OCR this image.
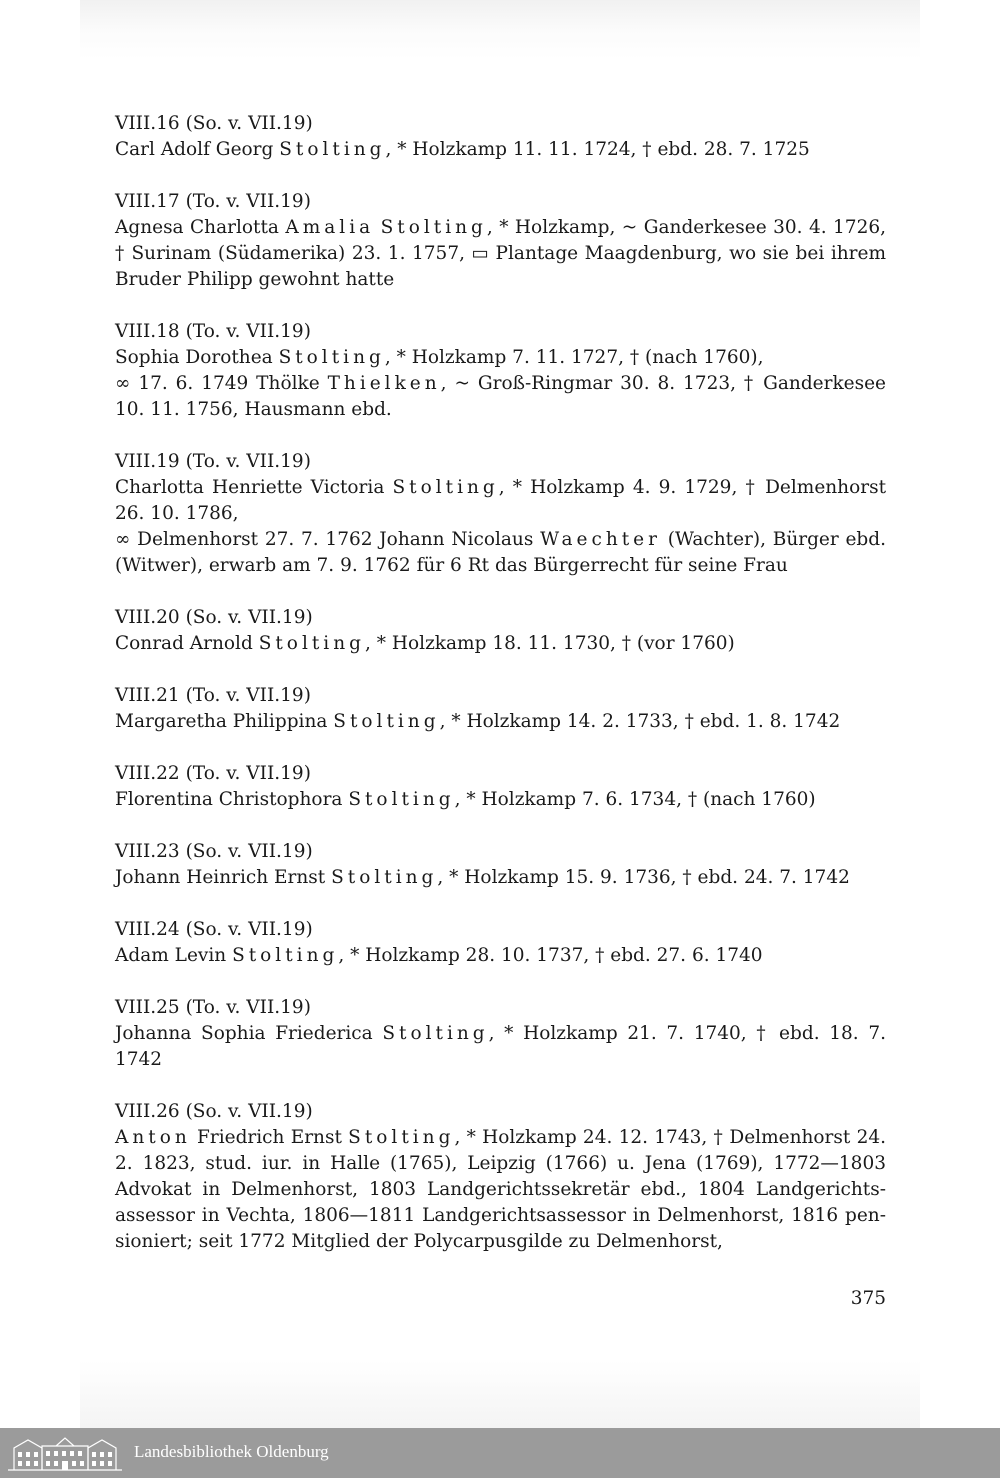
VIII.16 (So. v. VII.19)
Carl Adolf Georg Stolting, * Holzkamp 11. 11. 1724, † ebd. 28. 7. 1725
VIII.17 (To. v. VII.19)
Agnesa Charlotta Amalia Stolting, * Holzkamp, ~ Ganderkesee 30. 4. 1726, † Surinam (Südamerika) 23. 1. 1757, ▭ Plantage Maagdenburg, wo sie bei ihrem Bruder Philipp gewohnt hatte
VIII.18 (To. v. VII.19)
Sophia Dorothea Stolting, * Holzkamp 7. 11. 1727, † (nach 1760),
∞ 17. 6. 1749 Thölke Thielken, ~ Groß-Ringmar 30. 8. 1723, † Ganderkesee 10. 11. 1756, Hausmann ebd.
VIII.19 (To. v. VII.19)
Charlotta Henriette Victoria Stolting, * Holzkamp 4. 9. 1729, † Delmenhorst 26. 10. 1786,
∞ Delmenhorst 27. 7. 1762 Johann Nicolaus Waechter (Wachter), Bürger ebd. (Witwer), erwarb am 7. 9. 1762 für 6 Rt das Bürgerrecht für seine Frau
VIII.20 (So. v. VII.19)
Conrad Arnold Stolting, * Holzkamp 18. 11. 1730, † (vor 1760)
VIII.21 (To. v. VII.19)
Margaretha Philippina Stolting, * Holzkamp 14. 2. 1733, † ebd. 1. 8. 1742
VIII.22 (To. v. VII.19)
Florentina Christophora Stolting, * Holzkamp 7. 6. 1734, † (nach 1760)
VIII.23 (So. v. VII.19)
Johann Heinrich Ernst Stolting, * Holzkamp 15. 9. 1736, † ebd. 24. 7. 1742
VIII.24 (So. v. VII.19)
Adam Levin Stolting, * Holzkamp 28. 10. 1737, † ebd. 27. 6. 1740
VIII.25 (To. v. VII.19)
Johanna Sophia Friederica Stolting, * Holzkamp 21. 7. 1740, † ebd. 18. 7. 1742
VIII.26 (So. v. VII.19)
Anton Friedrich Ernst Stolting, * Holzkamp 24. 12. 1743, † Delmenhorst 24. 2. 1823, stud. iur. in Halle (1765), Leipzig (1766) u. Jena (1769), 1772—1803 Advokat in Delmenhorst, 1803 Landgerichtssekretär ebd., 1804 Landgerichtsassessor in Vechta, 1806—1811 Landgerichtsassessor in Delmenhorst, 1816 pensioniert; seit 1772 Mitglied der Polycarpusgilde zu Delmenhorst,
375
Landesbibliothek Oldenburg
